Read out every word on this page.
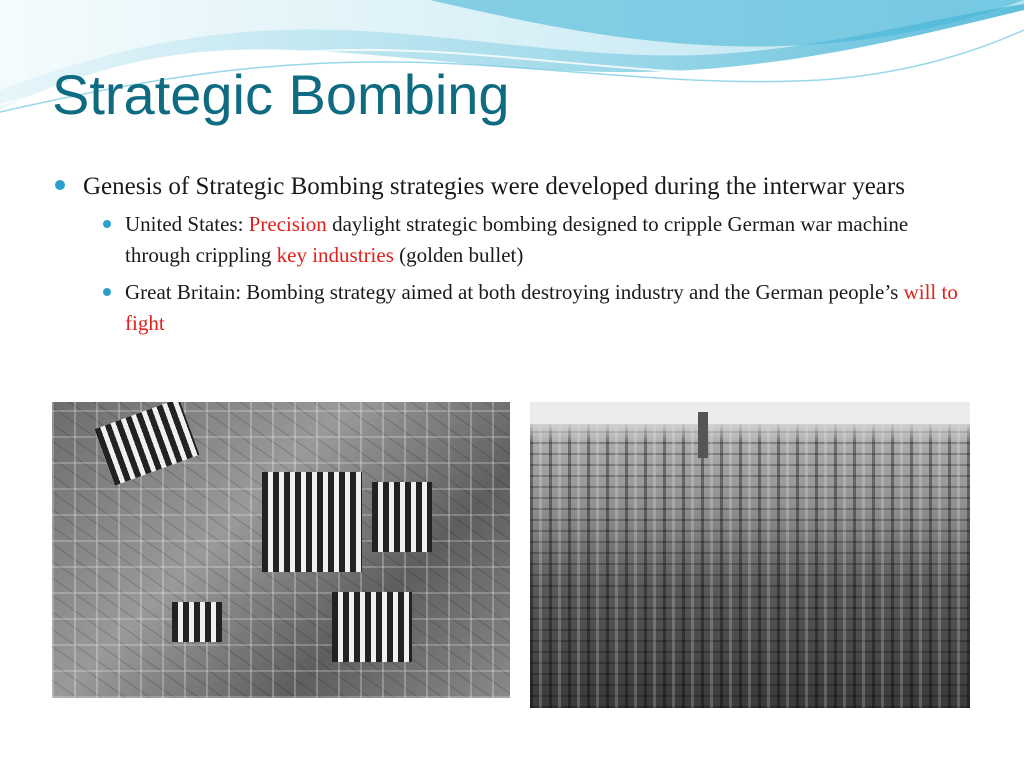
Strategic Bombing
Genesis of Strategic Bombing strategies were developed during the interwar years
United States: Precision daylight strategic bombing designed to cripple German war machine through crippling key industries (golden bullet)
Great Britain: Bombing strategy aimed at both destroying industry and the German people’s will to fight
